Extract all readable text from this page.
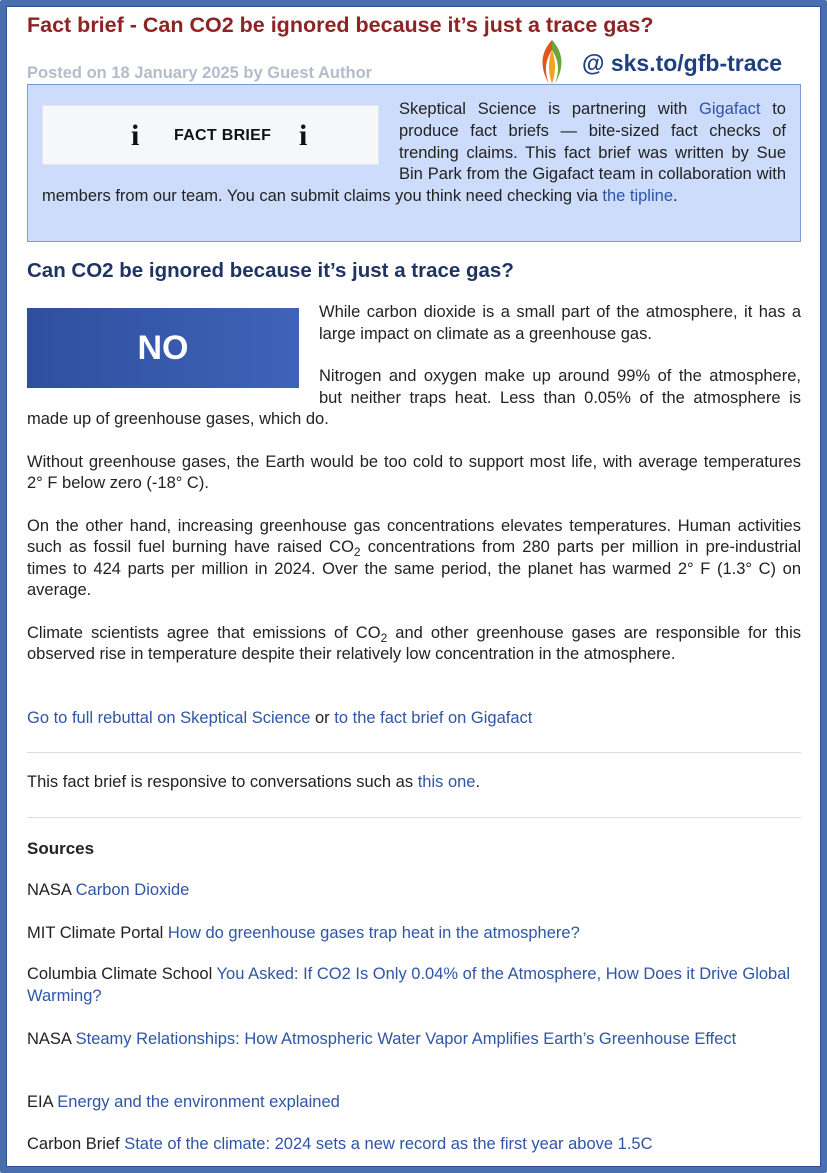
Fact brief - Can CO2 be ignored because it’s just a trace gas?
Posted on 18 January 2025 by Guest Author	@ sks.to/gfb-trace
i FACT BRIEF i
Skeptical Science is partnering with Gigafact to produce fact briefs — bite-sized fact checks of trending claims. This fact brief was written by Sue Bin Park from the Gigafact team in collaboration with members from our team. You can submit claims you think need checking via the tipline.
Can CO2 be ignored because it’s just a trace gas?
NO

While carbon dioxide is a small part of the atmosphere, it has a large impact on climate as a greenhouse gas.

Nitrogen and oxygen make up around 99% of the atmosphere, but neither traps heat. Less than 0.05% of the atmosphere is made up of greenhouse gases, which do.

Without greenhouse gases, the Earth would be too cold to support most life, with average temperatures 2° F below zero (-18° C).

On the other hand, increasing greenhouse gas concentrations elevates temperatures. Human activities such as fossil fuel burning have raised $CO_2$ concentrations from 280 parts per million in pre-industrial times to 424 parts per million in 2024. Over the same period, the planet has warmed 2° F (1.3° C) on average.

Climate scientists agree that emissions of $CO_2$ and other greenhouse gases are responsible for this observed rise in temperature despite their relatively low concentration in the atmosphere.

Go to full rebuttal on Skeptical Science or to the fact brief on Gigafact
This fact brief is responsive to conversations such as this one.
Sources
NASA Carbon Dioxide
MIT Climate Portal How do greenhouse gases trap heat in the atmosphere?
Columbia Climate School You Asked: If CO2 Is Only 0.04% of the Atmosphere, How Does it Drive Global Warming?
NASA Steamy Relationships: How Atmospheric Water Vapor Amplifies Earth’s Greenhouse Effect
EIA Energy and the environment explained
Carbon Brief State of the climate: 2024 sets a new record as the first year above 1.5C
